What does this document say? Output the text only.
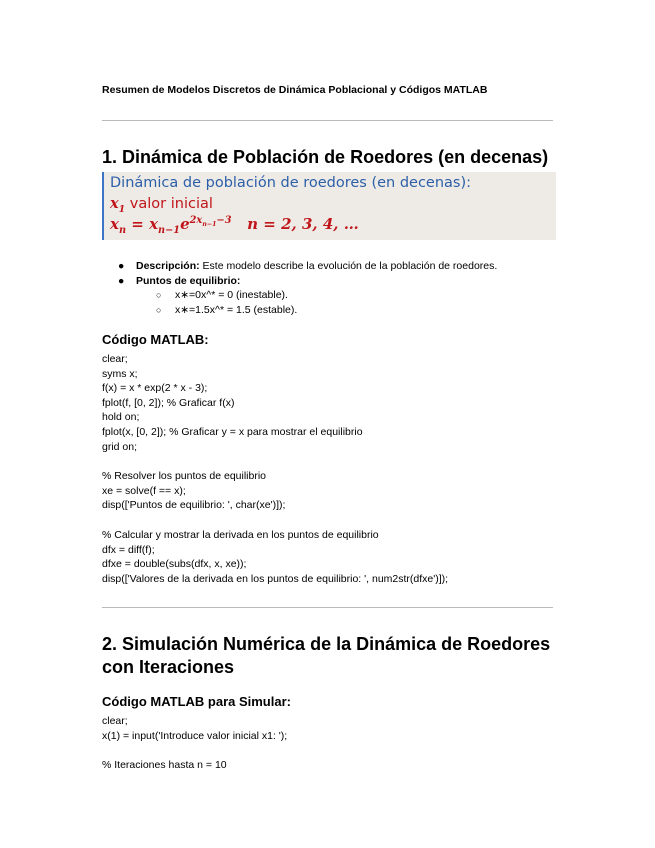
Resumen de Modelos Discretos de Dinámica Poblacional y Códigos MATLAB
1. Dinámica de Población de Roedores (en decenas)
Dinámica de población de roedores (en decenas):
$x_1$ valor inicial
$x_n = x_{n-1}e^{2x_{n-1}-3}$ n = 2, 3, 4, …
● Descripción: Este modelo describe la evolución de la población de roedores.
● Puntos de equilibrio:
○ x∗=0x^* = 0 (inestable).
○ x∗=1.5x^* = 1.5 (estable).
Código MATLAB:
clear;
syms x;
f(x) = x * exp(2 * x - 3);
fplot(f, [0, 2]); % Graficar f(x)
hold on;
fplot(x, [0, 2]); % Graficar y = x para mostrar el equilibrio
grid on;
% Resolver los puntos de equilibrio
xe = solve(f == x);
disp(['Puntos de equilibrio: ', char(xe')]);
% Calcular y mostrar la derivada en los puntos de equilibrio
dfx = diff(f);
dfxe = double(subs(dfx, x, xe));
disp(['Valores de la derivada en los puntos de equilibrio: ', num2str(dfxe')]);
2. Simulación Numérica de la Dinámica de Roedores
con Iteraciones
Código MATLAB para Simular:
clear;
x(1) = input('Introduce valor inicial x1: ');
% Iteraciones hasta n = 10
